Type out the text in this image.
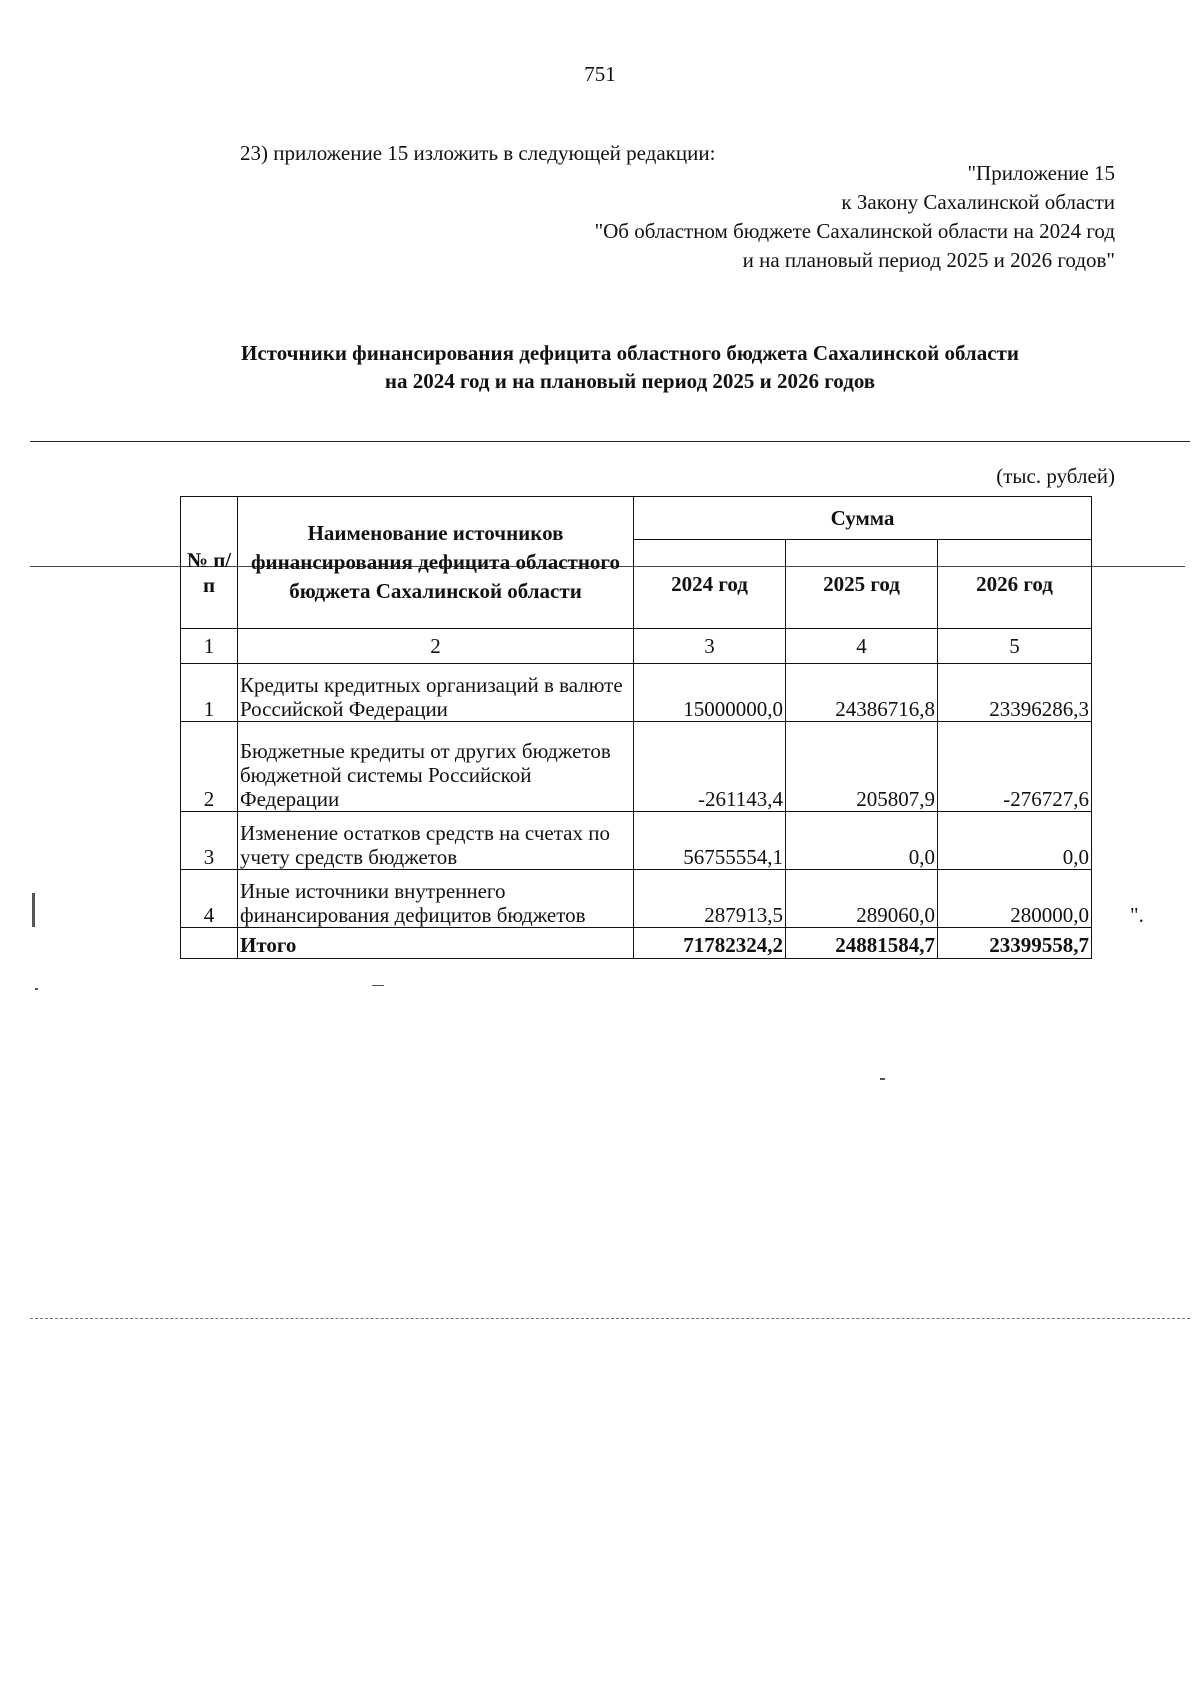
751
23) приложение 15 изложить в следующей редакции:
"Приложение 15
к Закону Сахалинской области
"Об областном бюджете Сахалинской области на 2024 год
и на плановый период 2025 и 2026 годов"
Источники финансирования дефицита областного бюджета Сахалинской области
на 2024 год и на плановый период 2025 и 2026 годов
(тыс. рублей)
№ п/п	Наименование источников финансирования дефицита областного бюджета Сахалинской области	Сумма		
		2024 год	2025 год	2026 год
1	2	3	4	5
1	Кредиты кредитных организаций в валюте Российской Федерации	15000000,0	24386716,8	23396286,3
2	Бюджетные кредиты от других бюджетов бюджетной системы Российской Федерации	-261143,4	205807,9	-276727,6
3	Изменение остатков средств на счетах по учету средств бюджетов	56755554,1	0,0	0,0
4	Иные источники внутреннего финансирования дефицитов бюджетов	287913,5	289060,0	280000,0
	Итого	71782324,2	24881584,7	23399558,7
".
